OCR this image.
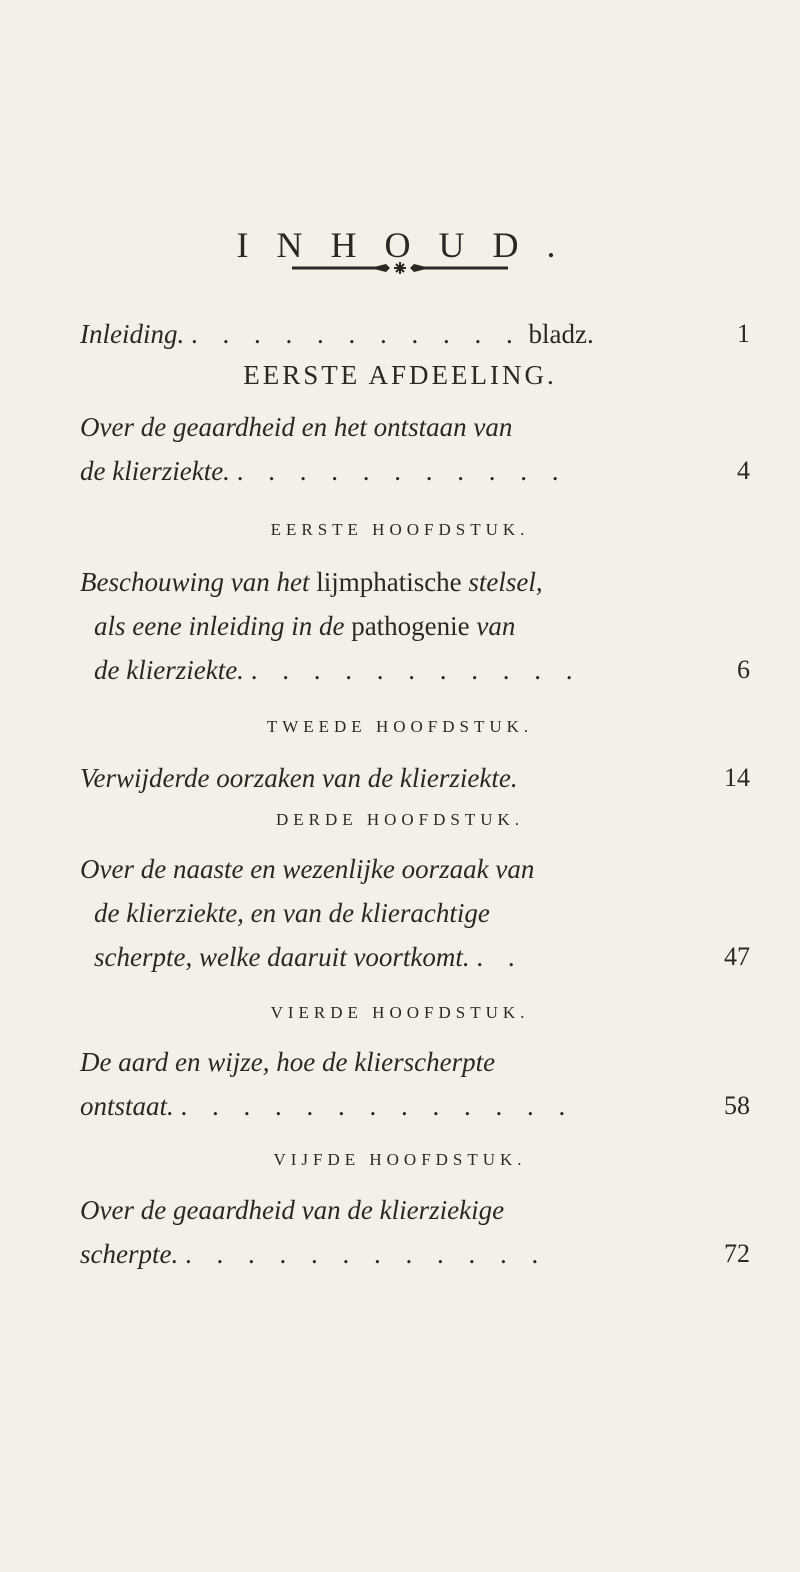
INHOUD.
Inleiding. . . . . . . . . . . . bladz.	1
EERSTE AFDEELING.
Over de geaardheid en het ontstaan van
de klierziekte. . . . . . . . . . . .	4
EERSTE HOOFDSTUK.
Beschouwing van het lijmphatische stelsel,
als eene inleiding in de pathogenie van
de klierziekte. . . . . . . . . . . .	6
TWEEDE HOOFDSTUK.
Verwijderde oorzaken van de klierziekte.	14
DERDE HOOFDSTUK.
Over de naaste en wezenlijke oorzaak van
de klierziekte, en van de klierachtige
scherpte, welke daaruit voortkomt. . .	47
VIERDE HOOFDSTUK.
De aard en wijze, hoe de klierscherpte
ontstaat. . . . . . . . . . . . . .	58
VIJFDE HOOFDSTUK.
Over de geaardheid van de klierziekige
scherpte. . . . . . . . . . . . .	72
